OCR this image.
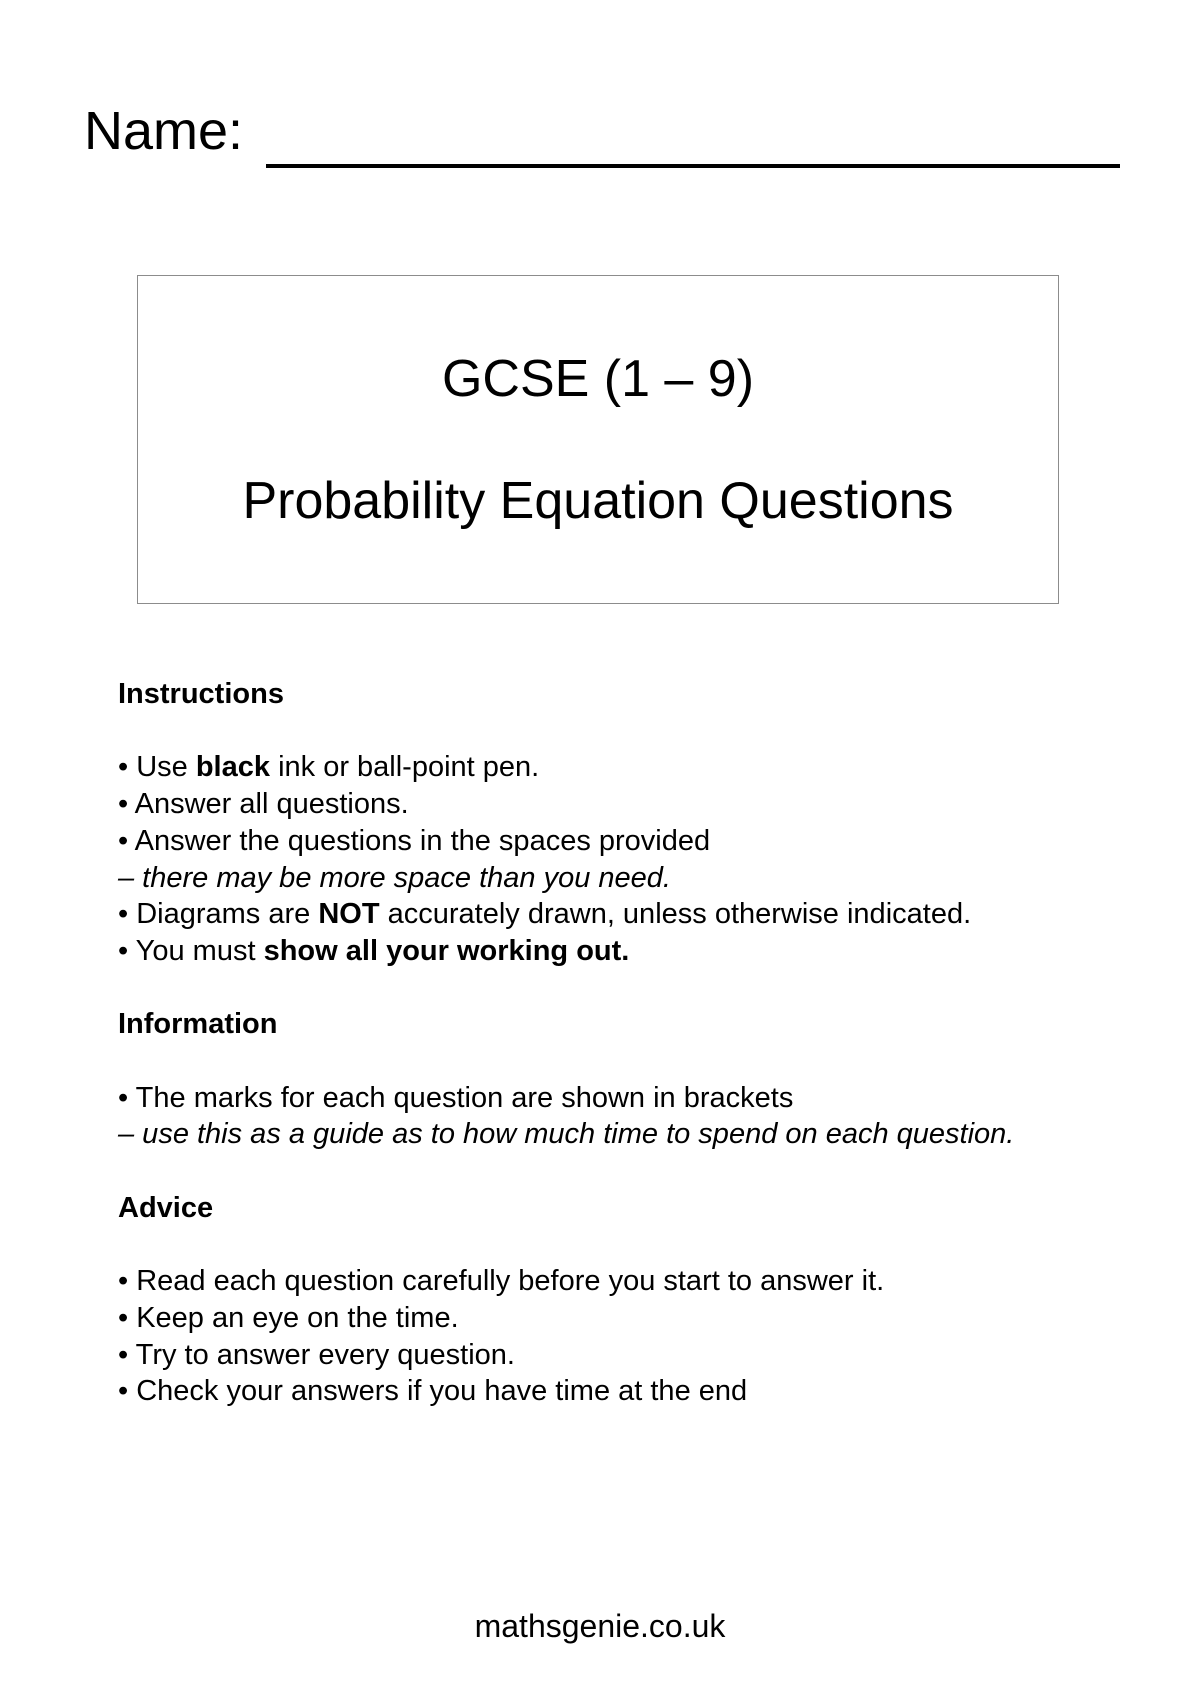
Name:
GCSE (1 – 9)
Probability Equation Questions

Instructions

• Use black ink or ball-point pen.

• Answer all questions.

• Answer the questions in the spaces provided

– there may be more space than you need.

• Diagrams are NOT accurately drawn, unless otherwise indicated.

• You must show all your working out.

Information

• The marks for each question are shown in brackets

– use this as a guide as to how much time to spend on each question.

Advice

• Read each question carefully before you start to answer it.

• Keep an eye on the time.

• Try to answer every question.

• Check your answers if you have time at the end

mathsgenie.co.uk
